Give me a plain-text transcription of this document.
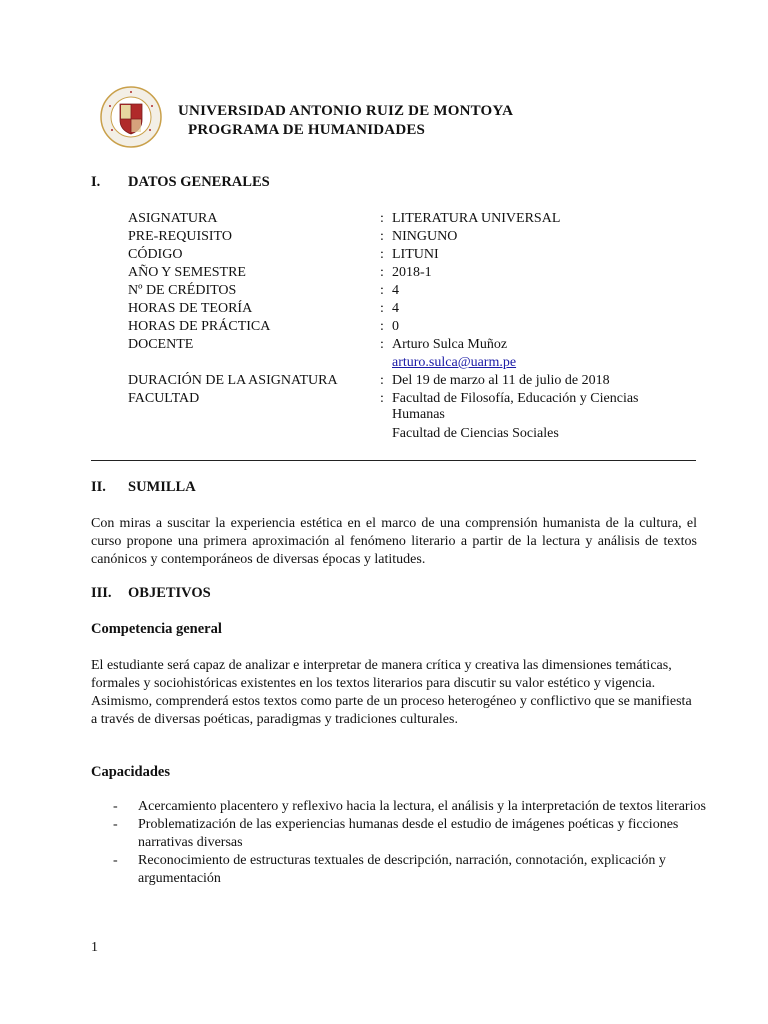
UNIVERSIDAD ANTONIO RUIZ DE MONTOYA
PROGRAMA DE HUMANIDADES
I. DATOS GENERALES
ASIGNATURA	: LITERATURA UNIVERSAL
PRE-REQUISITO	: NINGUNO
CÓDIGO	: LITUNI
AÑO Y SEMESTRE	: 2018-1
Nº DE CRÉDITOS	: 4
HORAS DE TEORÍA	: 4
HORAS DE PRÁCTICA	: 0
DOCENTE	: Arturo Sulca Muñoz
arturo.sulca@uarm.pe
DURACIÓN DE LA ASIGNATURA	: Del 19 de marzo al 11 de julio de 2018
FACULTAD	: Facultad de Filosofía, Educación y Ciencias
Humanas
Facultad de Ciencias Sociales
II. SUMILLA
Con miras a suscitar la experiencia estética en el marco de una comprensión humanista de la cultura, el curso propone una primera aproximación al fenómeno literario a partir de la lectura y análisis de textos canónicos y contemporáneos de diversas épocas y latitudes.
III. OBJETIVOS
Competencia general
El estudiante será capaz de analizar e interpretar de manera crítica y creativa las dimensiones temáticas, formales y sociohistóricas existentes en los textos literarios para discutir su valor estético y vigencia. Asimismo, comprenderá estos textos como parte de un proceso heterogéneo y conflictivo que se manifiesta a través de diversas poéticas, paradigmas y tradiciones culturales.
Capacidades
- Acercamiento placentero y reflexivo hacia la lectura, el análisis y la interpretación de textos literarios
- Problematización de las experiencias humanas desde el estudio de imágenes poéticas y ficciones narrativas diversas
- Reconocimiento de estructuras textuales de descripción, narración, connotación, explicación y argumentación
1
